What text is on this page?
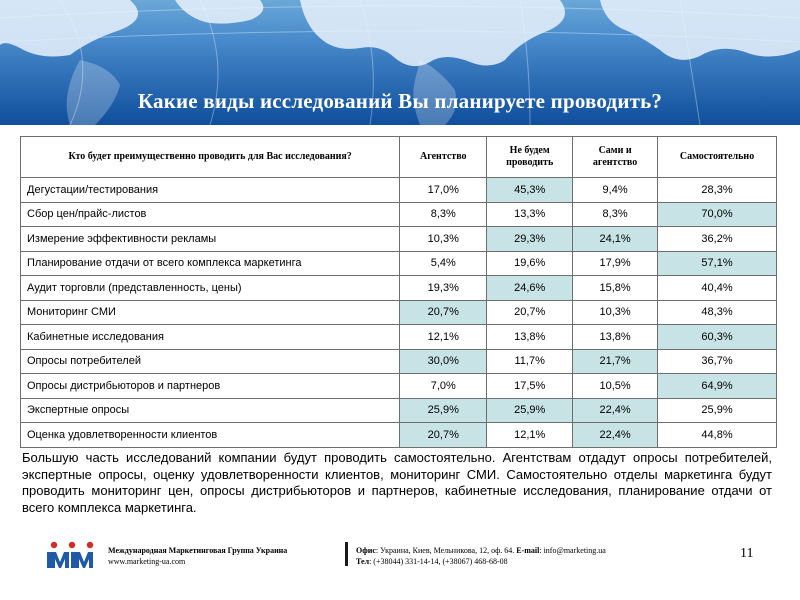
Какие виды исследований Вы планируете проводить?
Кто будет преимущественно проводить для Вас исследования?	Агентство	Не будем проводить	Сами и агентство	Самостоятельно
Дегустации/тестирования	17,0%	45,3%	9,4%	28,3%
Сбор цен/прайс-листов	8,3%	13,3%	8,3%	70,0%
Измерение эффективности рекламы	10,3%	29,3%	24,1%	36,2%
Планирование отдачи от всего комплекса маркетинга	5,4%	19,6%	17,9%	57,1%
Аудит торговли (представленность, цены)	19,3%	24,6%	15,8%	40,4%
Мониторинг СМИ	20,7%	20,7%	10,3%	48,3%
Кабинетные исследования	12,1%	13,8%	13,8%	60,3%
Опросы потребителей	30,0%	11,7%	21,7%	36,7%
Опросы дистрибьюторов и партнеров	7,0%	17,5%	10,5%	64,9%
Экспертные опросы	25,9%	25,9%	22,4%	25,9%
Оценка удовлетворенности клиентов	20,7%	12,1%	22,4%	44,8%

Большую часть исследований компании будут проводить самостоятельно. Агентствам отдадут опросы потребителей, экспертные опросы, оценку удовлетворенности клиентов, мониторинг СМИ. Самостоятельно отделы маркетинга будут проводить мониторинг цен, опросы дистрибьюторов и партнеров, кабинетные исследования, планирование отдачи от всего комплекса маркетинга.

Международная Маркетинговая Группа Украина
www.marketing-ua.com
Офис: Украина, Киев, Мельникова, 12, оф. 64. E-mail: info@marketing.ua
Тел: (+38044) 331-14-14, (+38067) 468-68-08
11
